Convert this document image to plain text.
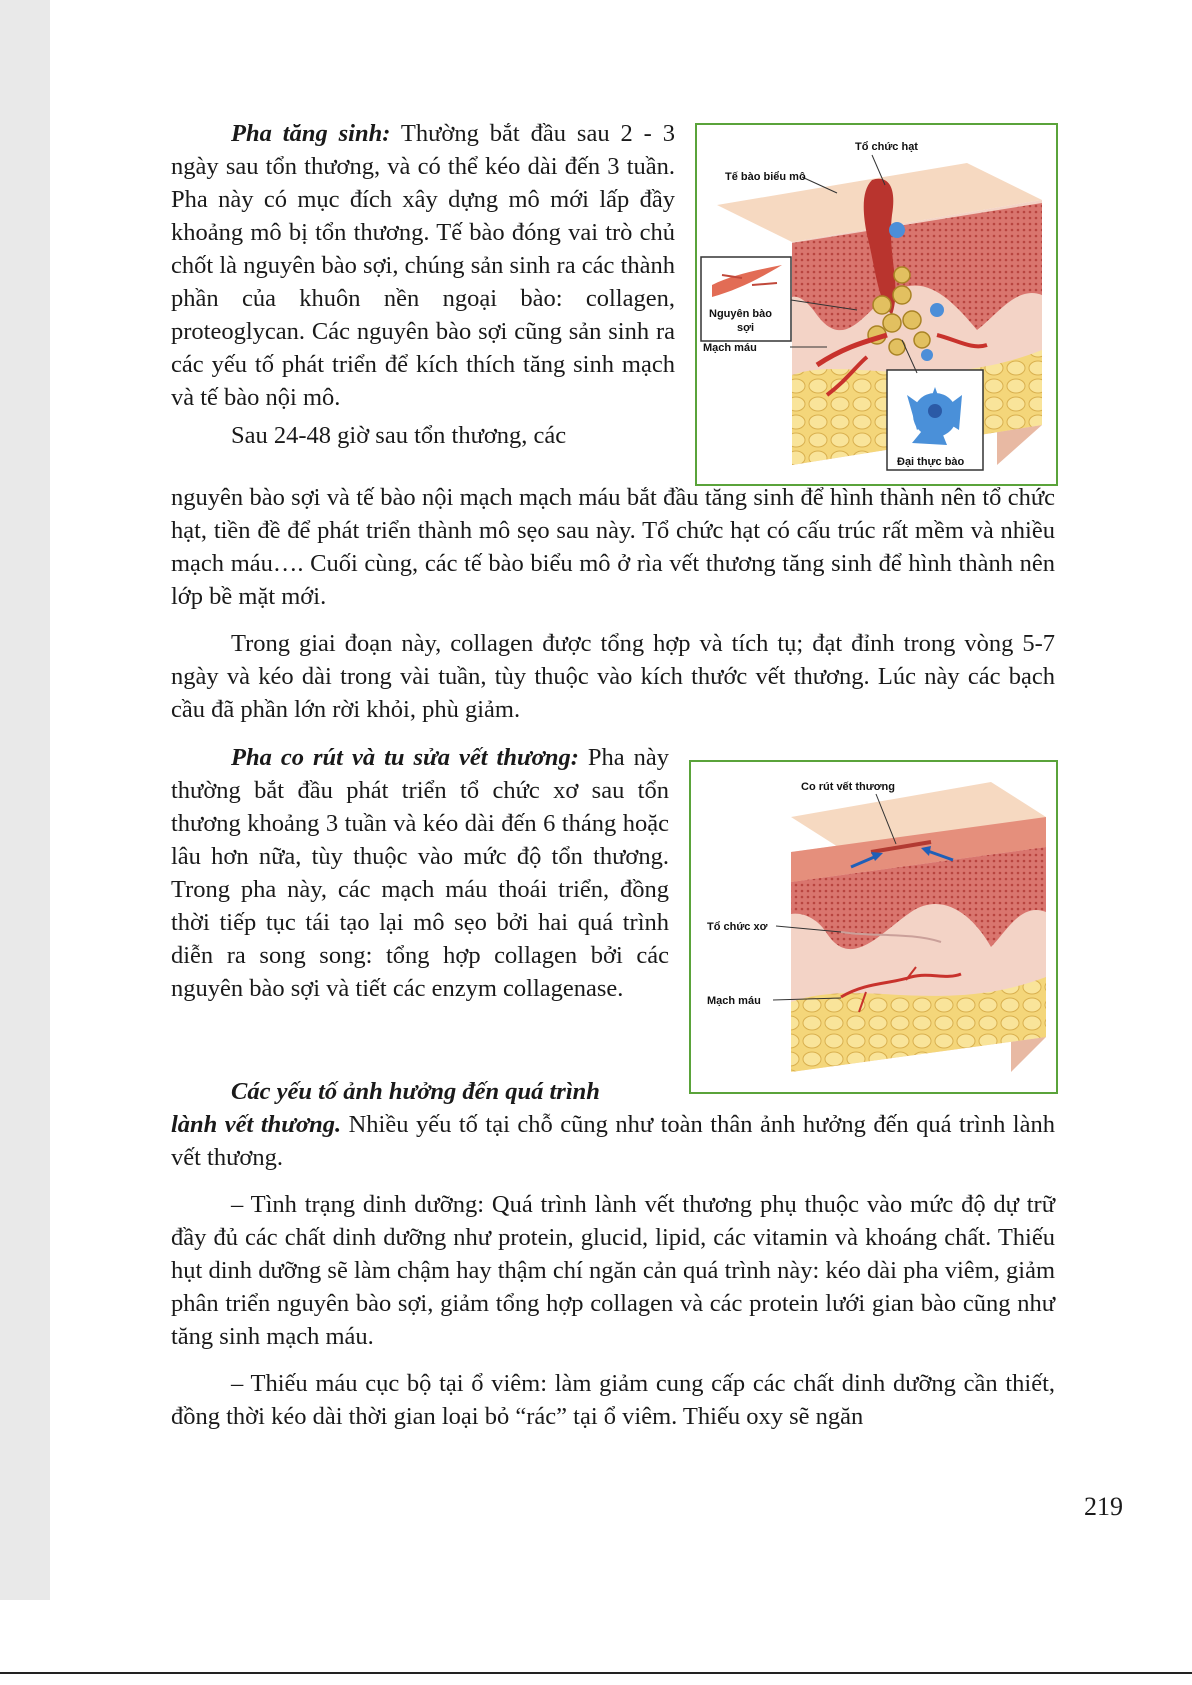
Pha tăng sinh: Thường bắt đầu sau 2 - 3 ngày sau tổn thương, và có thể kéo dài đến 3 tuần. Pha này có mục đích xây dựng mô mới lấp đầy khoảng mô bị tổn thương. Tế bào đóng vai trò chủ chốt là nguyên bào sợi, chúng sản sinh ra các thành phần của khuôn nền ngoại bào: collagen, proteoglycan. Các nguyên bào sợi cũng sản sinh ra các yếu tố phát triển để kích thích tăng sinh mạch và tế bào nội mô.

Sau 24-48 giờ sau tổn thương, các

Tổ chức hạt
Tế bào biểu mô
Nguyên bào
sợi
Mạch máu
Đại thực bào

nguyên bào sợi và tế bào nội mạch mạch máu bắt đầu tăng sinh để hình thành nên tổ chức hạt, tiền đề để phát triển thành mô sẹo sau này. Tổ chức hạt có cấu trúc rất mềm và nhiều mạch máu…. Cuối cùng, các tế bào biểu mô ở rìa vết thương tăng sinh để hình thành nên lớp bề mặt mới.

Trong giai đoạn này, collagen được tổng hợp và tích tụ; đạt đỉnh trong vòng 5-7 ngày và kéo dài trong vài tuần, tùy thuộc vào kích thước vết thương. Lúc này các bạch cầu đã phần lớn rời khỏi, phù giảm.

Pha co rút và tu sửa vết thương: Pha này thường bắt đầu phát triển tổ chức xơ sau tổn thương khoảng 3 tuần và kéo dài đến 6 tháng hoặc lâu hơn nữa, tùy thuộc vào mức độ tổn thương. Trong pha này, các mạch máu thoái triển, đồng thời tiếp tục tái tạo lại mô sẹo bởi hai quá trình diễn ra song song: tổng hợp collagen bởi các nguyên bào sợi và tiết các enzym collagenase.

Co rút vết thương
Tổ chức xơ
Mạch máu

Các yếu tố ảnh hưởng đến quá trình

lành vết thương. Nhiều yếu tố tại chỗ cũng như toàn thân ảnh hưởng đến quá trình lành vết thương.

– Tình trạng dinh dưỡng: Quá trình lành vết thương phụ thuộc vào mức độ dự trữ đầy đủ các chất dinh dưỡng như protein, glucid, lipid, các vitamin và khoáng chất. Thiếu hụt dinh dưỡng sẽ làm chậm hay thậm chí ngăn cản quá trình này: kéo dài pha viêm, giảm phân triển nguyên bào sợi, giảm tổng hợp collagen và các protein lưới gian bào cũng như tăng sinh mạch máu.

– Thiếu máu cục bộ tại ổ viêm: làm giảm cung cấp các chất dinh dưỡng cần thiết, đồng thời kéo dài thời gian loại bỏ “rác” tại ổ viêm. Thiếu oxy sẽ ngăn

219
